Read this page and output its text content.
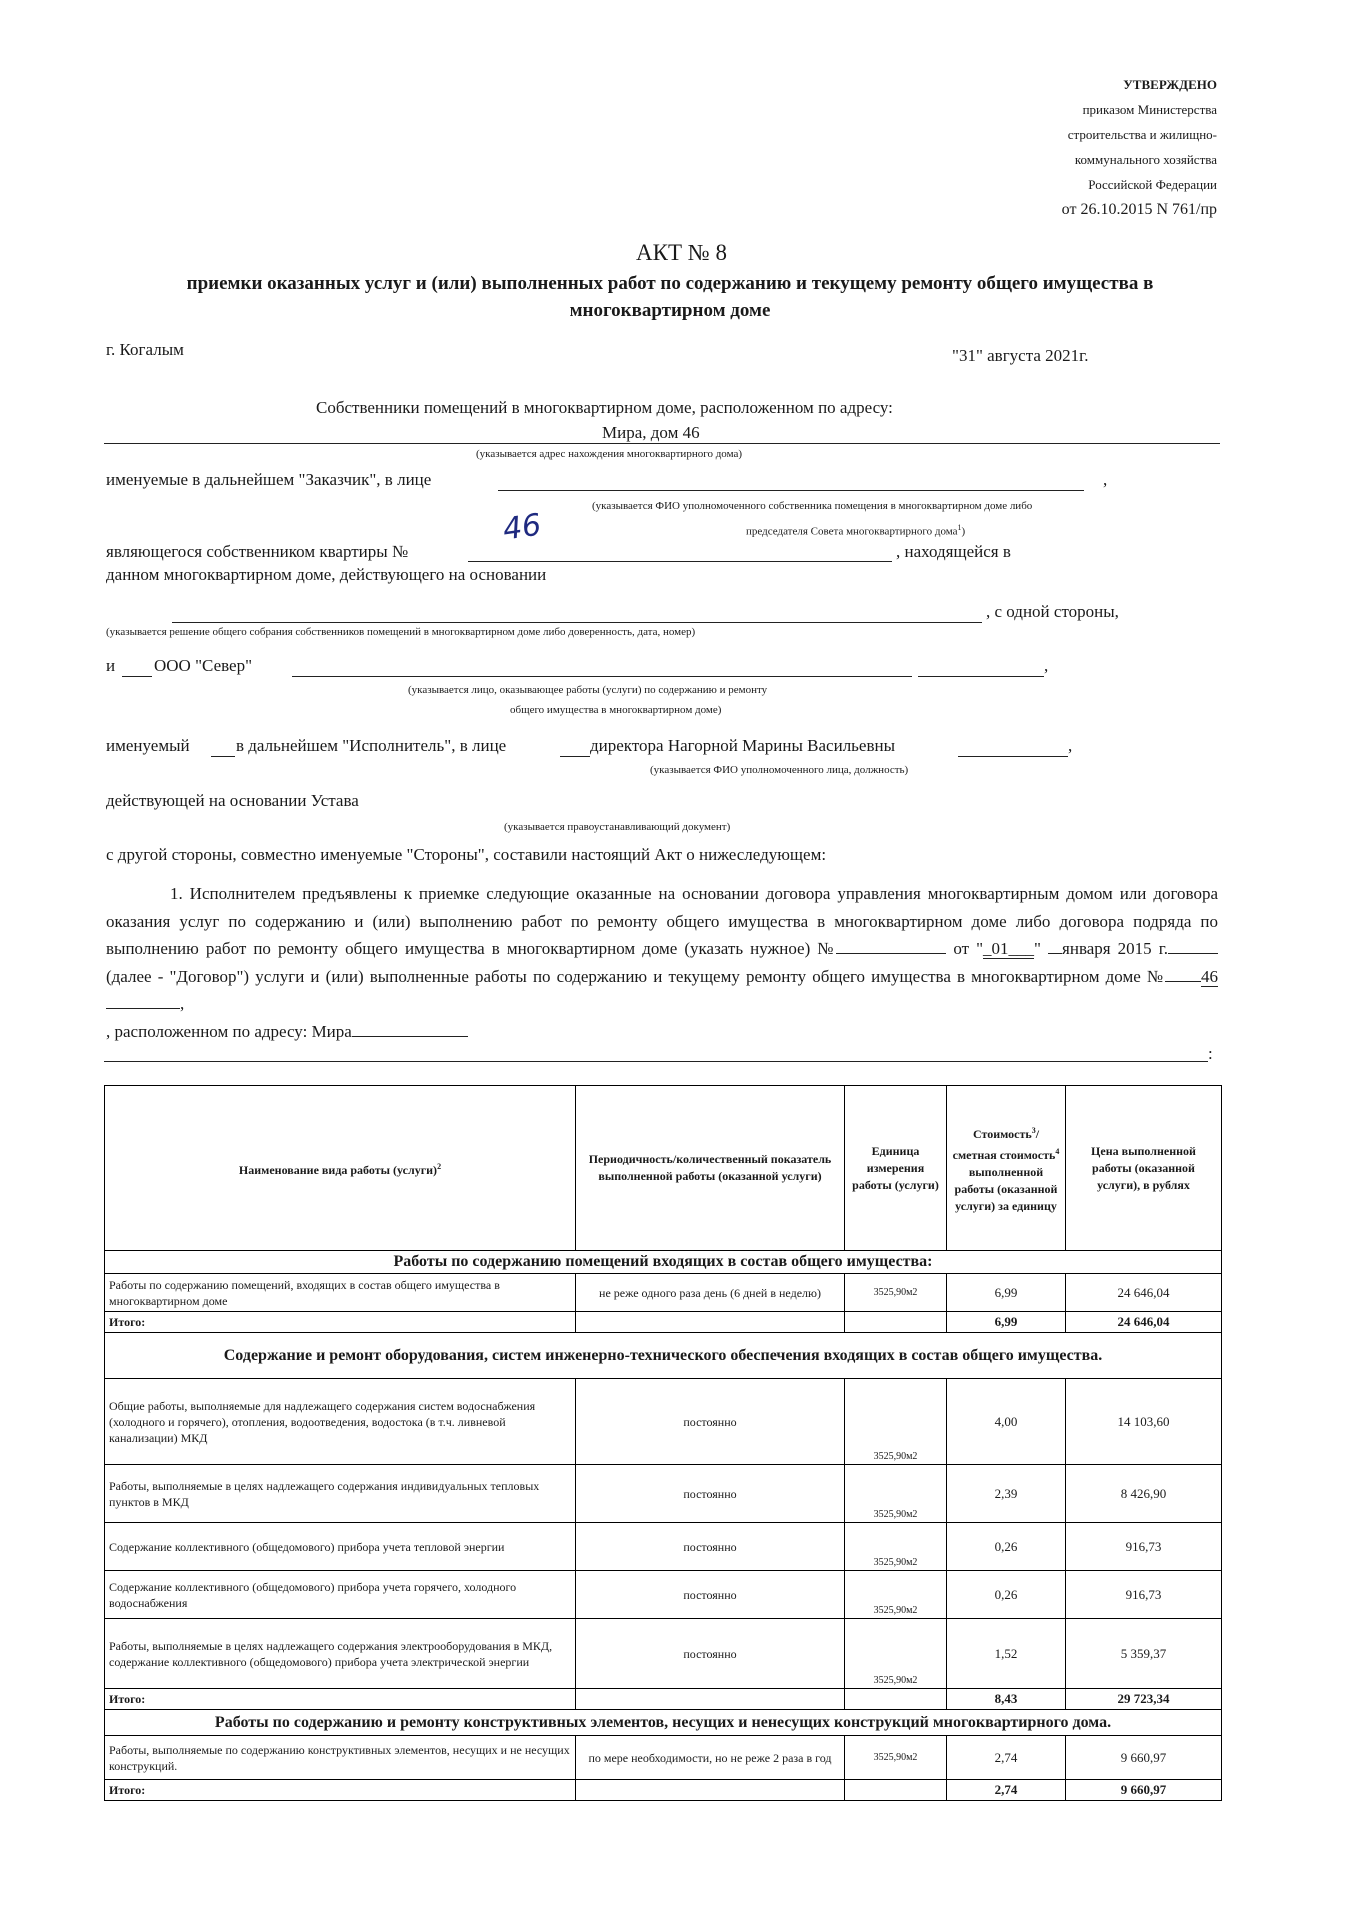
УТВЕРЖДЕНО
приказом Министерства
строительства и жилищно-
коммунального хозяйства
Российской Федерации
от 26.10.2015 N 761/пр
АКТ № 8
приемки оказанных услуг и (или) выполненных работ по содержанию и текущему ремонту общего имущества в многоквартирном доме
г. Когалым	"31" августа 2021г.
Собственники помещений в многоквартирном доме, расположенном по адресу:
Мира, дом 46
(указывается адрес нахождения многоквартирного дома)
именуемые в дальнейшем "Заказчик", в лице	,
(указывается ФИО уполномоченного собственника помещения в многоквартирном доме либо
председателя Совета многоквартирного дома$^1$)
являющегося собственником квартиры №
46
, находящейся в
данном многоквартирном доме, действующего на основании
, с одной стороны,
(указывается решение общего собрания собственников помещений в многоквартирном доме либо доверенность, дата, номер)
и ООО "Север"	,
(указывается лицо, оказывающее работы (услуги) по содержанию и ремонту
общего имущества в многоквартирном доме)
именуемый	в дальнейшем "Исполнитель", в лице	директора Нагорной Марины Васильевны	,
(указывается ФИО уполномоченного лица, должность)
действующей на основании Устава
(указывается правоустанавливающий документ)
с другой стороны, совместно именуемые "Стороны", составили настоящий Акт о нижеследующем:
1. Исполнителем предъявлены к приемке следующие оказанные на основании договора управления многоквартирным домом или договора оказания услуг по содержанию и (или) выполнению работ по ремонту общего имущества в многоквартирном доме либо договора подряда по выполнению работ по ремонту общего имущества в многоквартирном доме (указать нужное) №	от "_01___" января 2015 г. (далее - "Договор") услуги и (или) выполненные работы по содержанию и текущему ремонту общего имущества в многоквартирном доме № 46,
, расположенном по адресу: Мира
:
Наименование вида работы (услуги)$^2$	Периодичность/количественный показатель выполненной работы (оказанной услуги)	Единица измерения работы (услуги)	Стоимость$^3$/сметная стоимость$^4$ выполненной работы (оказанной услуги) за единицу	Цена выполненной работы (оказанной услуги), в рублях
Работы по содержанию помещений входящих в состав общего имущества:				
Работы по содержанию помещений, входящих в состав общего имущества в многоквартирном доме	не реже одного раза день (6 дней в неделю)	3525,90м2	6,99	24 646,04
Итого:			6,99	24 646,04
Содержание и ремонт оборудования, систем инженерно-технического обеспечения входящих в состав общего имущества.				
Общие работы, выполняемые для надлежащего содержания систем водоснабжения (холодного и горячего), отопления, водоотведения, водостока (в т.ч. ливневой канализации) МКД	постоянно	3525,90м2	4,00	14 103,60
Работы, выполняемые в целях надлежащего содержания индивидуальных тепловых пунктов в МКД	постоянно	3525,90м2	2,39	8 426,90
Содержание коллективного (общедомового) прибора учета тепловой энергии	постоянно	3525,90м2	0,26	916,73
Содержание коллективного (общедомового) прибора учета горячего, холодного водоснабжения	постоянно	3525,90м2	0,26	916,73
Работы, выполняемые в целях надлежащего содержания электрооборудования в МКД, содержание коллективного (общедомового) прибора учета электрической энергии	постоянно	3525,90м2	1,52	5 359,37
Итого:			8,43	29 723,34
Работы по содержанию и ремонту конструктивных элементов, несущих и ненесущих конструкций многоквартирного дома.				
Работы, выполняемые по содержанию конструктивных элементов, несущих и не несущих конструкций.	по мере необходимости, но не реже 2 раза в год	3525,90м2	2,74	9 660,97
Итого:			2,74	9 660,97
